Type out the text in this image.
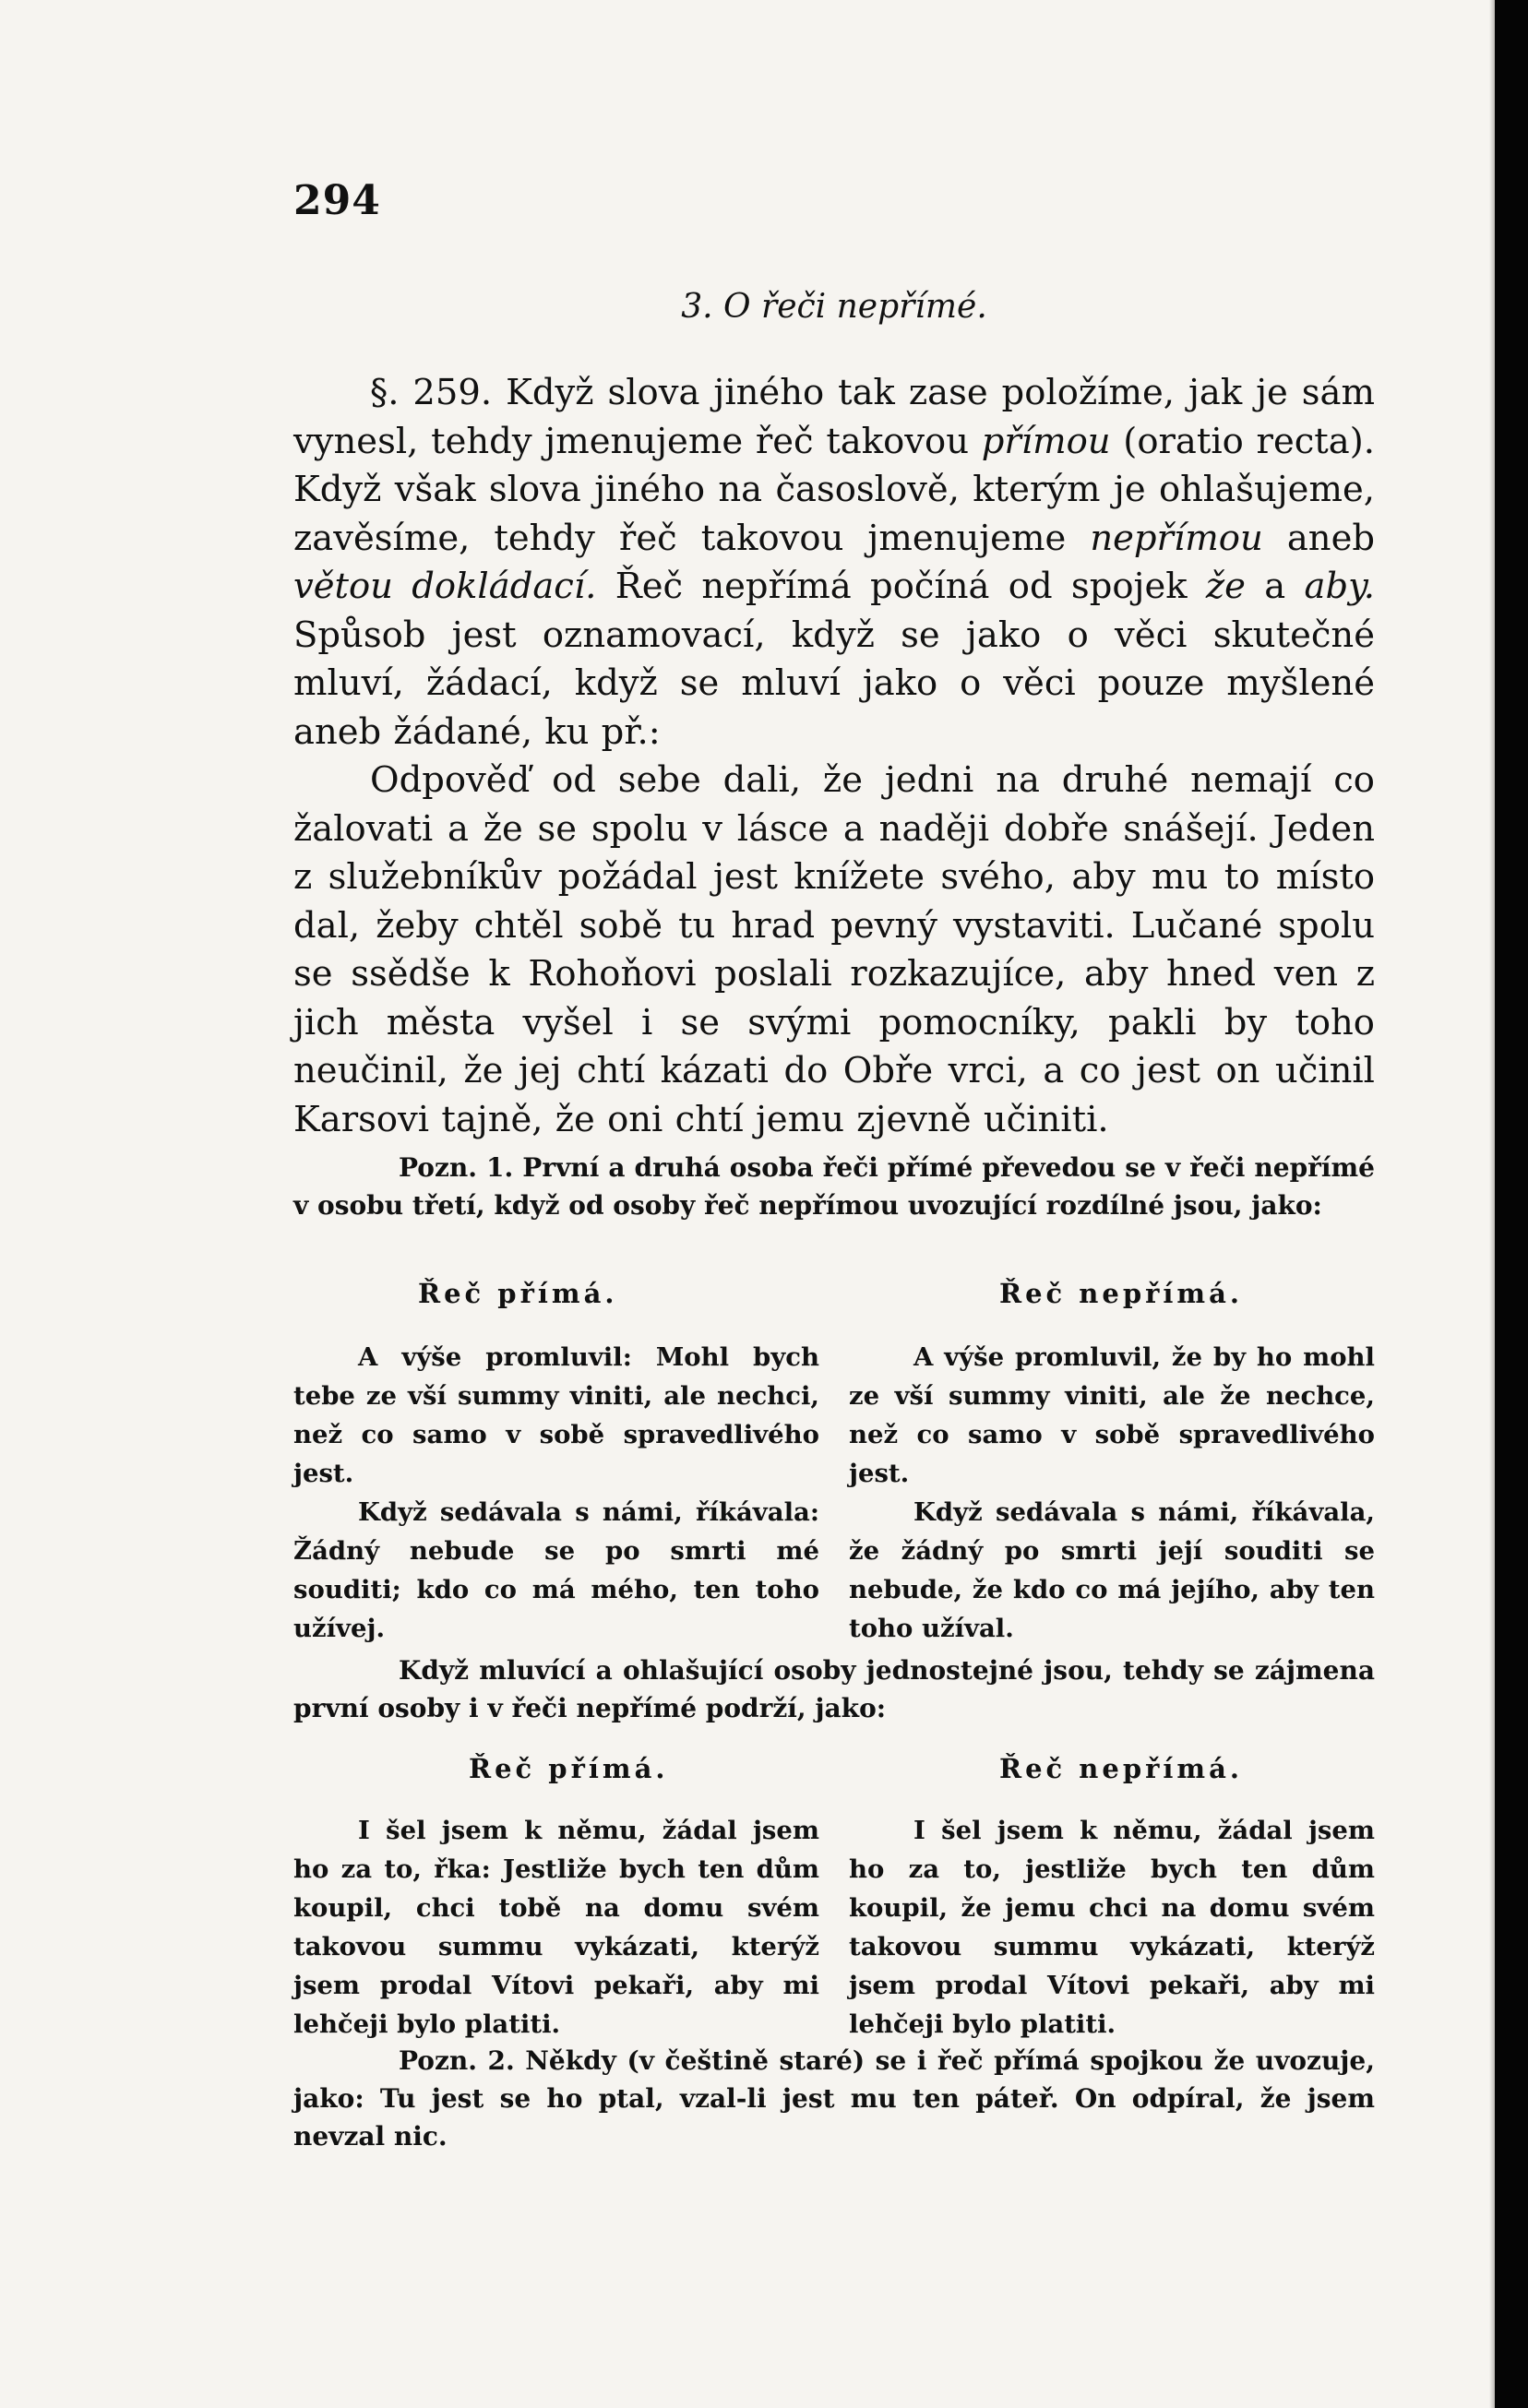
294
3. O řeči nepřímé.

§. 259. Když slova jiného tak zase položíme, jak je sám vynesl, tehdy jmenujeme řeč takovou přímou (oratio recta). Když však slova jiného na časoslově, kterým je ohlašujeme, zavěsíme, tehdy řeč takovou jmenujeme nepřímou aneb větou dokládací. Řeč nepřímá počíná od spojek že a aby. Spůsob jest oznamovací, když se jako o věci skutečné mluví, žádací, když se mluví jako o věci pouze myšlené aneb žádané, ku př.:

Odpověď od sebe dali, že jedni na druhé nemají co žalovati a že se spolu v lásce a naději dobře snášejí. Jeden z služebníkův požádal jest knížete svého, aby mu to místo dal, žeby chtěl sobě tu hrad pevný vystaviti. Lučané spolu se ssědše k Rohoňovi poslali rozkazujíce, aby hned ven z jich města vyšel i se svými pomocníky, pakli by toho neučinil, že jej chtí kázati do Obře vrci, a co jest on učinil Karsovi tajně, že oni chtí jemu zjevně učiniti.

Pozn. 1. První a druhá osoba řeči přímé převedou se v řeči nepřímé v osobu třetí, když od osoby řeč nepřímou uvozující rozdílné jsou, jako:
Řeč přímá.	Řeč nepřímá.

A výše promluvil: Mohl bych tebe ze vší summy viniti, ale nechci, než co samo v sobě spravedlivého jest.

Když sedávala s námi, říkávala: Žádný nebude se po smrti mé souditi; kdo co má mého, ten toho užívej.

A výše promluvil, že by ho mohl ze vší summy viniti, ale že nechce, než co samo v sobě spravedlivého jest.

Když sedávala s námi, říkávala, že žádný po smrti její souditi se nebude, že kdo co má jejího, aby ten toho užíval.

Když mluvící a ohlašující osoby jednostejné jsou, tehdy se zájmena první osoby i v řeči nepřímé podrží, jako:
Řeč přímá.	Řeč nepřímá.

I šel jsem k němu, žádal jsem ho za to, řka: Jestliže bych ten dům koupil, chci tobě na domu svém takovou summu vykázati, kterýž jsem prodal Vítovi pekaři, aby mi lehčeji bylo platiti.

I šel jsem k němu, žádal jsem ho za to, jestliže bych ten dům koupil, že jemu chci na domu svém takovou summu vykázati, kterýž jsem prodal Vítovi pekaři, aby mi lehčeji bylo platiti.

Pozn. 2. Někdy (v češtině staré) se i řeč přímá spojkou že uvozuje, jako: Tu jest se ho ptal, vzal-li jest mu ten páteř. On odpíral, že jsem nevzal nic.
